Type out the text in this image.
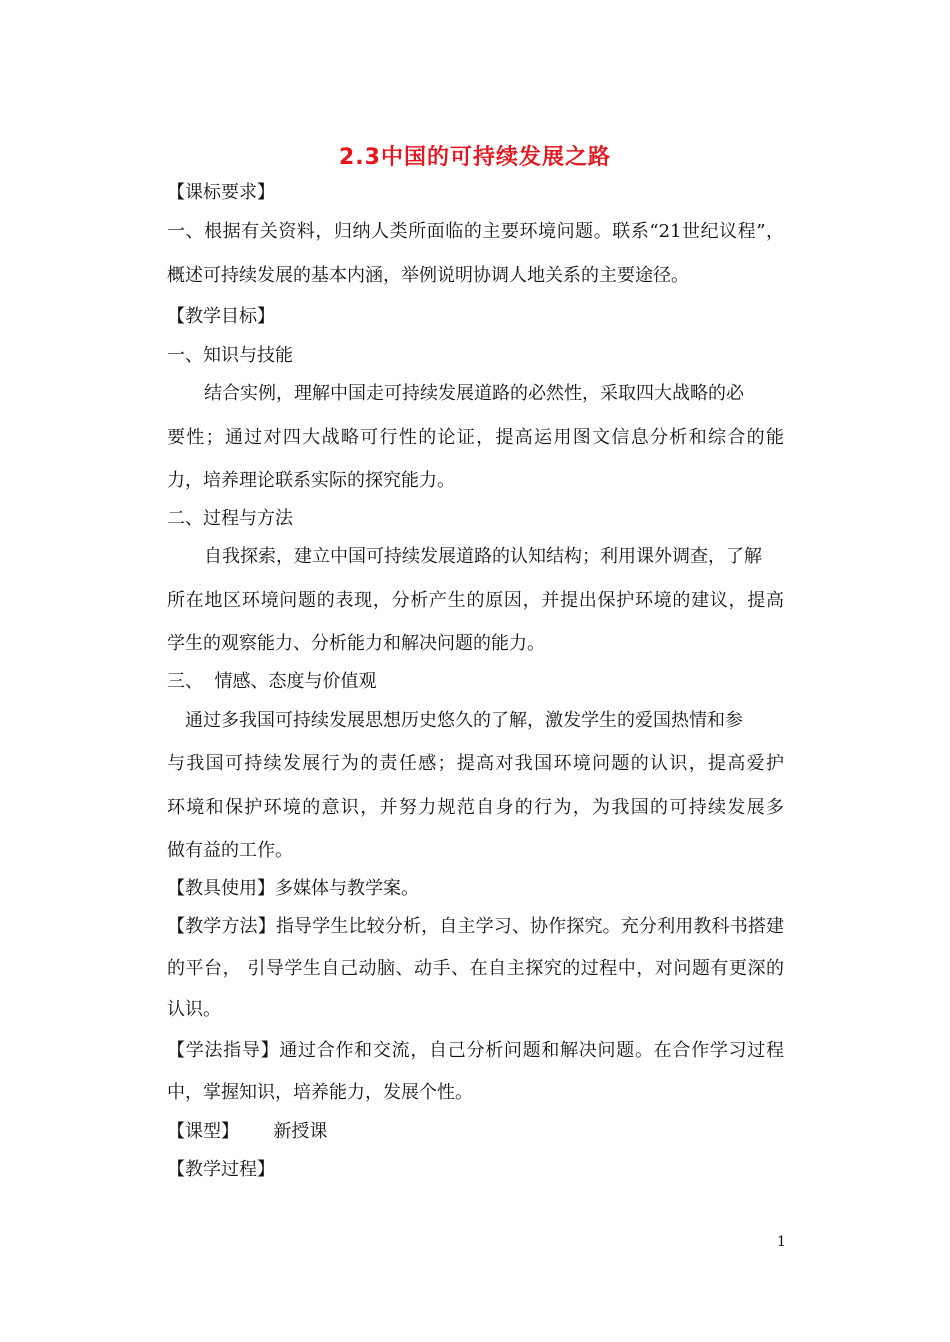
2.3中国的可持续发展之路
【课标要求】
一、根据有关资料，归纳人类所面临的主要环境问题。联系“21世纪议程”，
概述可持续发展的基本内涵，举例说明协调人地关系的主要途径。
【教学目标】
一、知识与技能
结合实例，理解中国走可持续发展道路的必然性，采取四大战略的必
要性；通过对四大战略可行性的论证，提高运用图文信息分析和综合的能
力，培养理论联系实际的探究能力。
二、过程与方法
自我探索，建立中国可持续发展道路的认知结构；利用课外调查，了解
所在地区环境问题的表现，分析产生的原因，并提出保护环境的建议，提高
学生的观察能力、分析能力和解决问题的能力。
三、  情感、态度与价值观
通过多我国可持续发展思想历史悠久的了解，激发学生的爱国热情和参
与我国可持续发展行为的责任感；提高对我国环境问题的认识，提高爱护
环境和保护环境的意识，并努力规范自身的行为，为我国的可持续发展多
做有益的工作。
【教具使用】多媒体与教学案。
【教学方法】指导学生比较分析，自主学习、协作探究。充分利用教科书搭建
的平台， 引导学生自己动脑、动手、在自主探究的过程中，对问题有更深的
认识。
【学法指导】通过合作和交流，自己分析问题和解决问题。在合作学习过程
中，掌握知识，培养能力，发展个性。
【课型】      新授课
【教学过程】
1
